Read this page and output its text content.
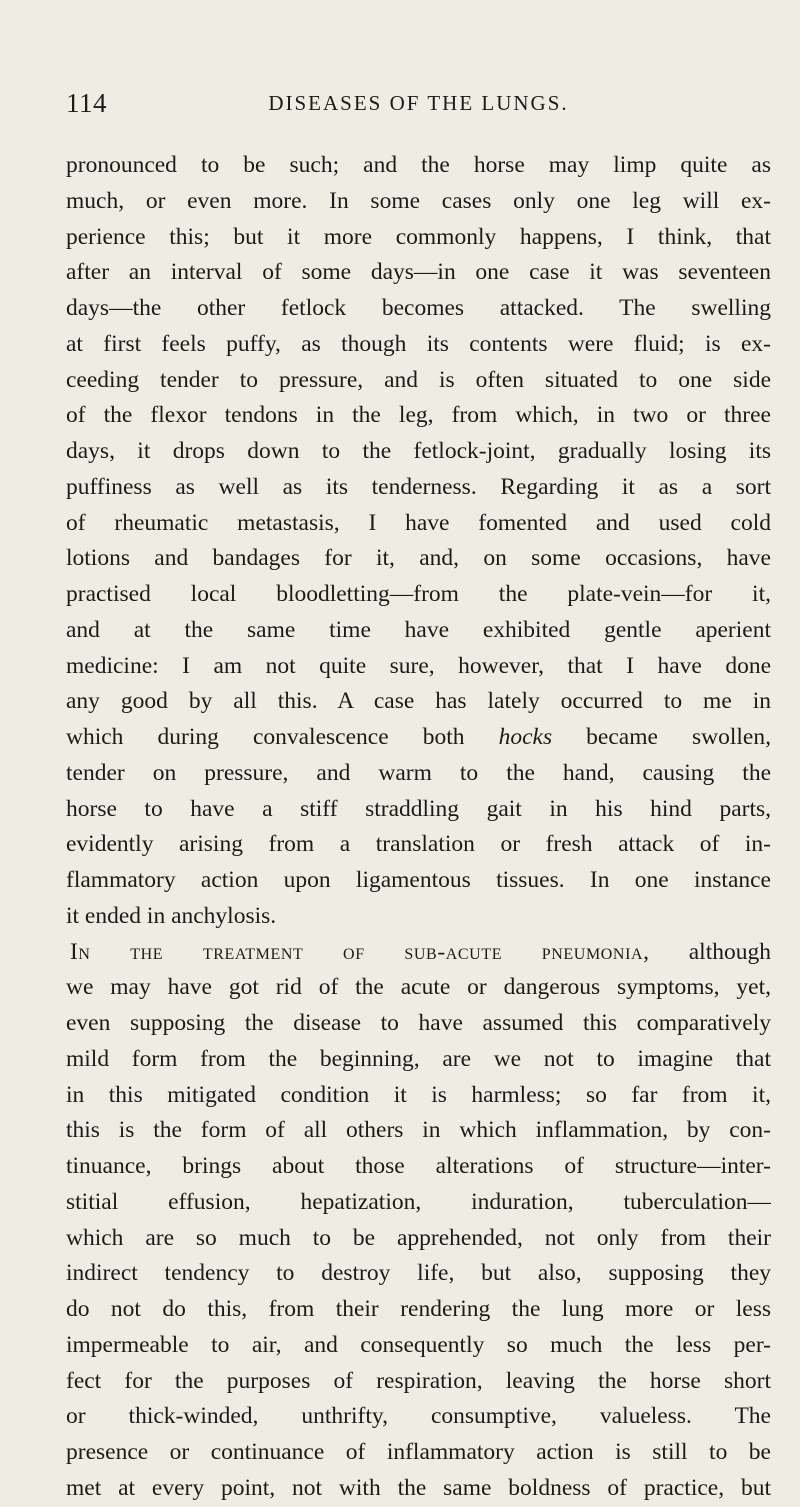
114	DISEASES OF THE LUNGS.
pronounced to be such; and the horse may limp quite as
much, or even more. In some cases only one leg will ex-
perience this; but it more commonly happens, I think, that
after an interval of some days—in one case it was seventeen
days—the other fetlock becomes attacked. The swelling
at first feels puffy, as though its contents were fluid; is ex-
ceeding tender to pressure, and is often situated to one side
of the flexor tendons in the leg, from which, in two or three
days, it drops down to the fetlock-joint, gradually losing its
puffiness as well as its tenderness. Regarding it as a sort
of rheumatic metastasis, I have fomented and used cold
lotions and bandages for it, and, on some occasions, have
practised local bloodletting—from the plate-vein—for it,
and at the same time have exhibited gentle aperient
medicine: I am not quite sure, however, that I have done
any good by all this. A case has lately occurred to me in
which during convalescence both hocks became swollen,
tender on pressure, and warm to the hand, causing the
horse to have a stiff straddling gait in his hind parts,
evidently arising from a translation or fresh attack of in-
flammatory action upon ligamentous tissues. In one instance
it ended in anchylosis.
In the treatment of sub-acute pneumonia, although
we may have got rid of the acute or dangerous symptoms, yet,
even supposing the disease to have assumed this comparatively
mild form from the beginning, are we not to imagine that
in this mitigated condition it is harmless; so far from it,
this is the form of all others in which inflammation, by con-
tinuance, brings about those alterations of structure—inter-
stitial effusion, hepatization, induration, tuberculation—
which are so much to be apprehended, not only from their
indirect tendency to destroy life, but also, supposing they
do not do this, from their rendering the lung more or less
impermeable to air, and consequently so much the less per-
fect for the purposes of respiration, leaving the horse short
or thick-winded, unthrifty, consumptive, valueless. The
presence or continuance of inflammatory action is still to be
met at every point, not with the same boldness of practice, but
